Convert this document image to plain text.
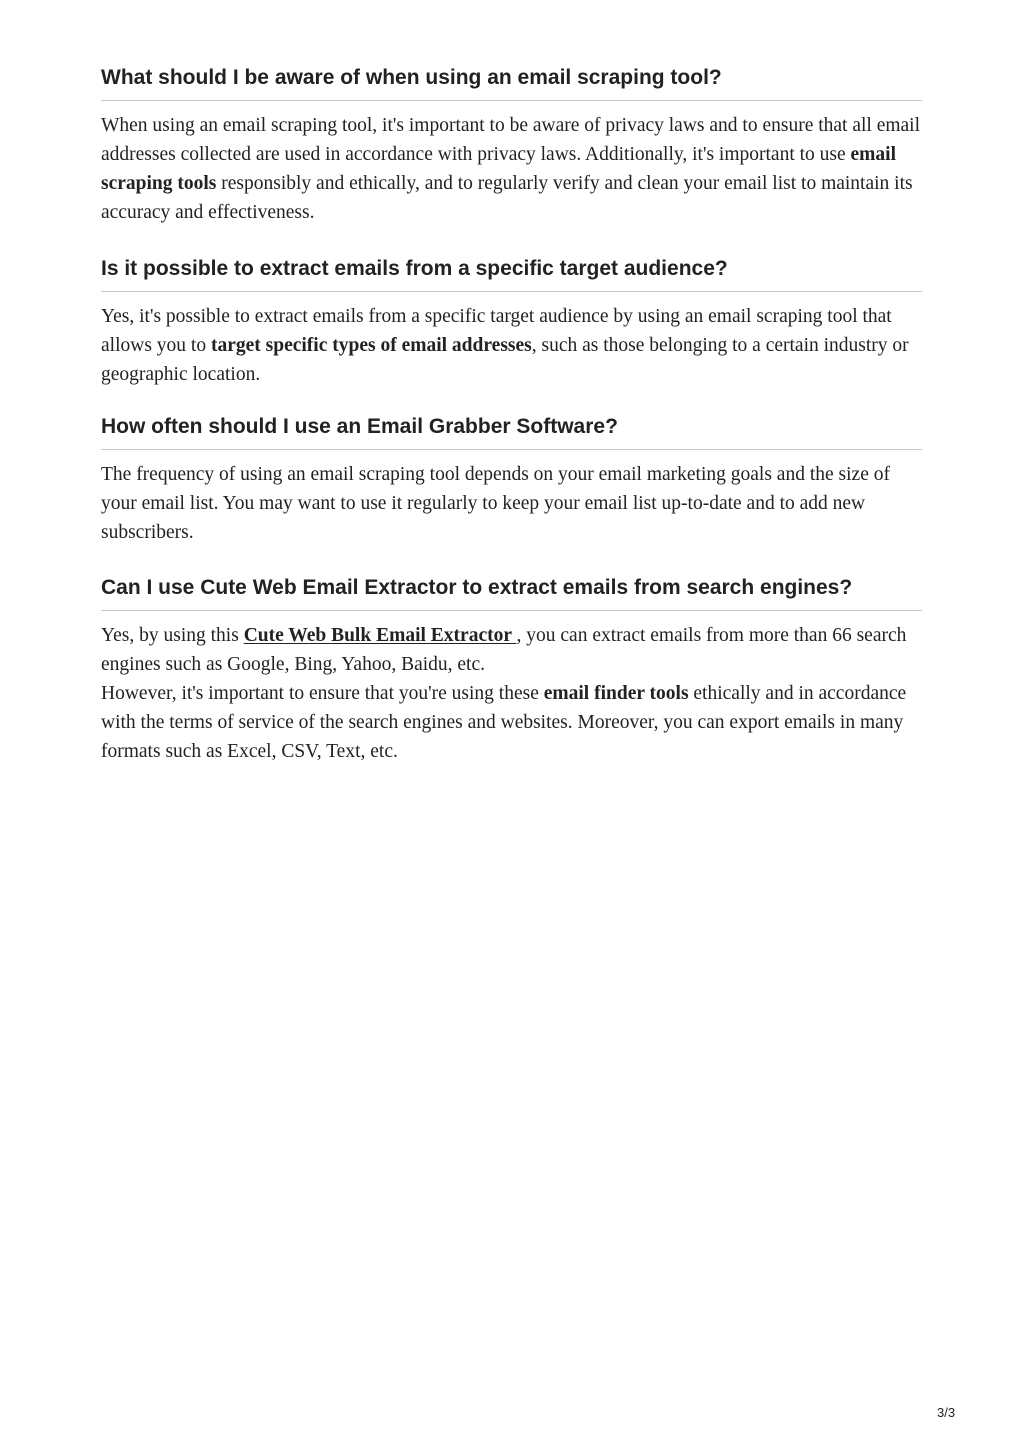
What should I be aware of when using an email scraping tool?

When using an email scraping tool, it's important to be aware of privacy laws and to ensure that all email addresses collected are used in accordance with privacy laws. Additionally, it's important to use email scraping tools responsibly and ethically, and to regularly verify and clean your email list to maintain its accuracy and effectiveness.

Is it possible to extract emails from a specific target audience?

Yes, it's possible to extract emails from a specific target audience by using an email scraping tool that allows you to target specific types of email addresses, such as those belonging to a certain industry or geographic location.

How often should I use an Email Grabber Software?

The frequency of using an email scraping tool depends on your email marketing goals and the size of your email list. You may want to use it regularly to keep your email list up-to-date and to add new subscribers.

Can I use Cute Web Email Extractor to extract emails from search engines?

Yes, by using this Cute Web Bulk Email Extractor , you can extract emails from more than 66 search engines such as Google, Bing, Yahoo, Baidu, etc.

However, it's important to ensure that you're using these email finder tools ethically and in accordance with the terms of service of the search engines and websites. Moreover, you can export emails in many formats such as Excel, CSV, Text, etc.

3/3
